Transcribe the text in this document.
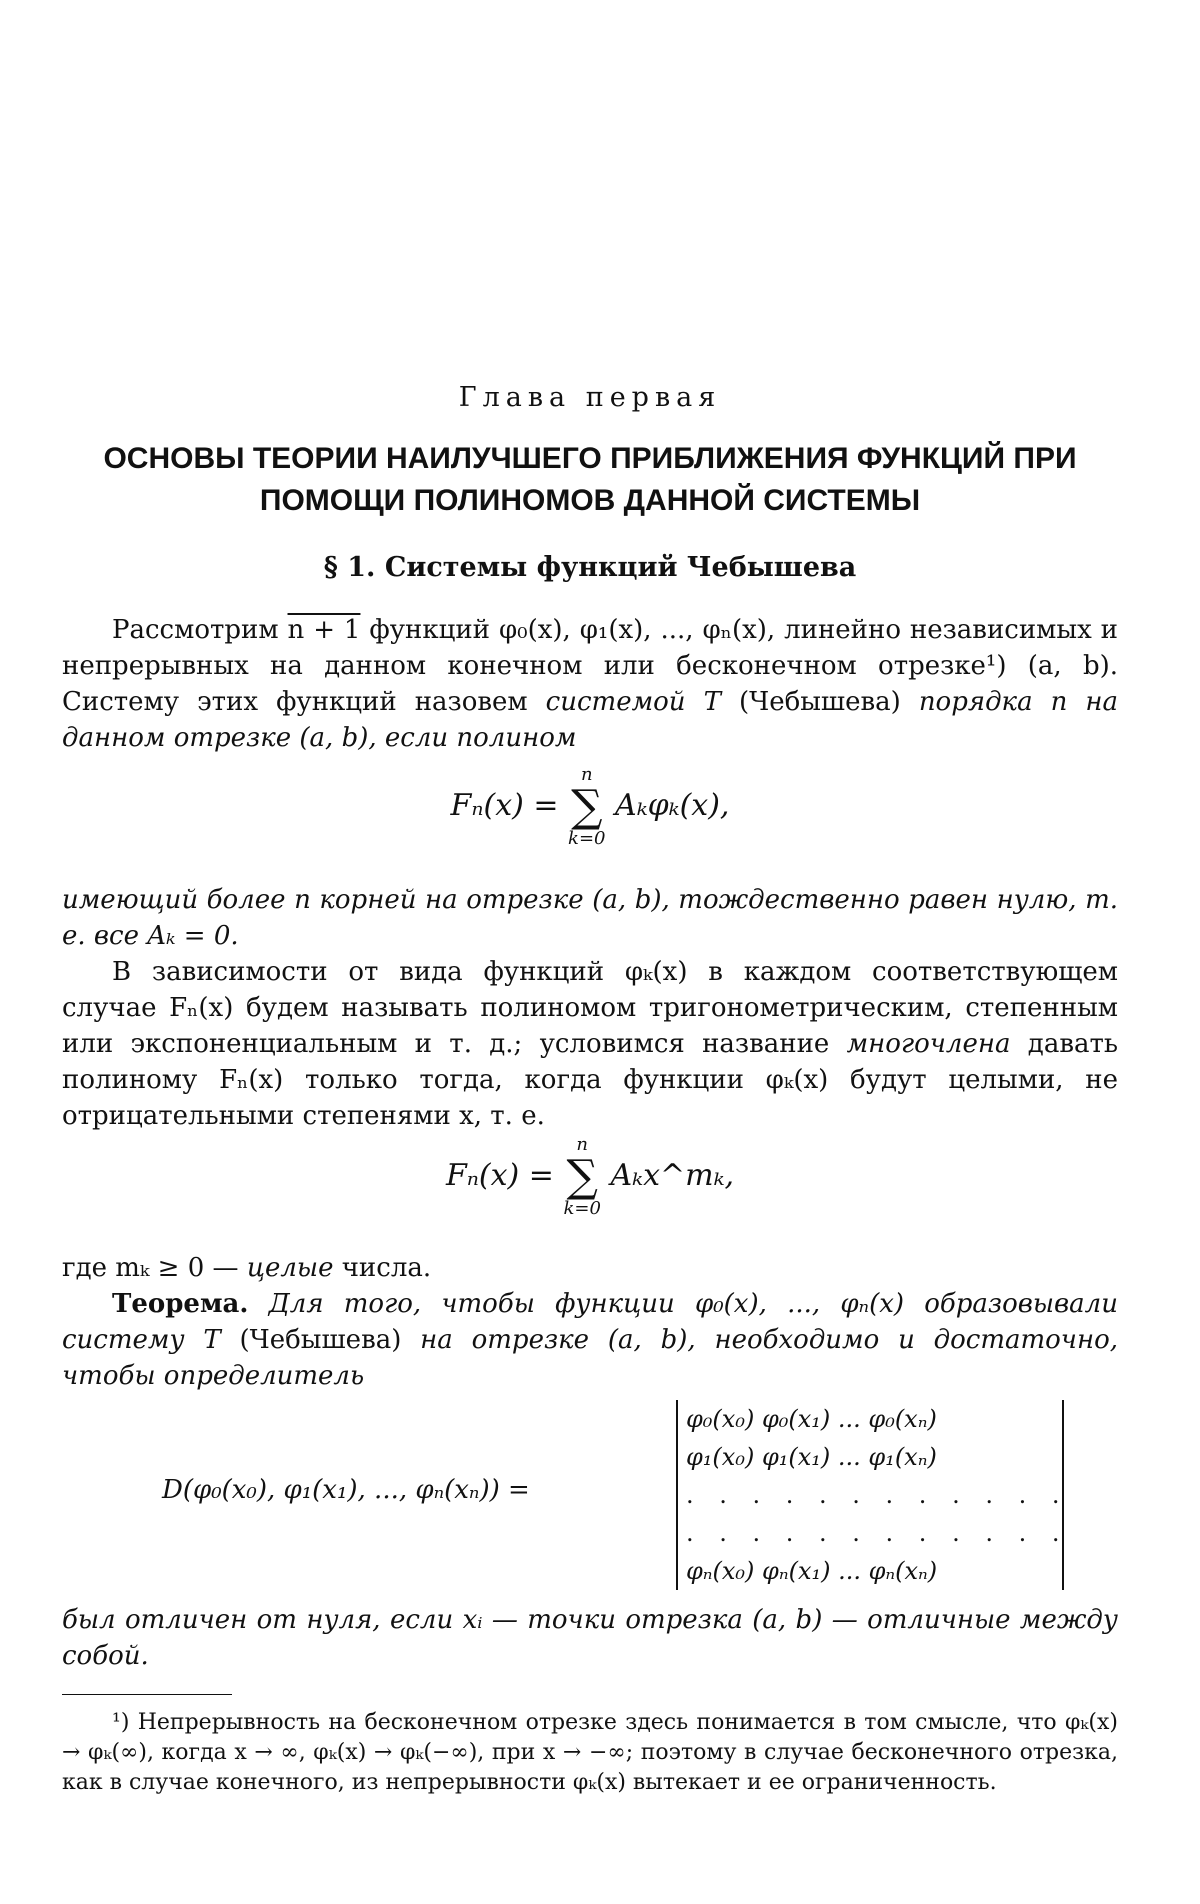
Глава первая
ОСНОВЫ ТЕОРИИ НАИЛУЧШЕГО ПРИБЛИЖЕНИЯ ФУНКЦИЙ ПРИ ПОМОЩИ ПОЛИНОМОВ ДАННОЙ СИСТЕМЫ
§ 1. Системы функций Чебышева
Рассмотрим n + 1 функций φ₀(x), φ₁(x), ..., φₙ(x), линейно независимых и непрерывных на данном конечном или бесконечном отрезке¹) (a, b). Систему этих функций назовем системой T (Чебышева) порядка n на данном отрезке (a, b), если полином
Fₙ(x) =
n
∑
k=0
Aₖφₖ(x),
имеющий более n корней на отрезке (a, b), тождественно равен нулю, т. е. все Aₖ = 0.
В зависимости от вида функций φₖ(x) в каждом соответствующем случае Fₙ(x) будем называть полиномом тригонометрическим, степенным или экспоненциальным и т. д.; условимся название многочлена давать полиному Fₙ(x) только тогда, когда функции φₖ(x) будут целыми, не отрицательными степенями x, т. е.
Fₙ(x) =
n
∑
k=0
Aₖx^mₖ,
где mₖ ≥ 0 — целые числа.
Теорема. Для того, чтобы функции φ₀(x), ..., φₙ(x) образовывали систему T (Чебышева) на отрезке (a, b), необходимо и достаточно, чтобы определитель
D(φ₀(x₀), φ₁(x₁), ..., φₙ(xₙ)) =
φ₀(x₀) φ₀(x₁) ... φ₀(xₙ)
φ₁(x₀) φ₁(x₁) ... φ₁(xₙ)
. . . . . . . . . . . .
. . . . . . . . . . . .
φₙ(x₀) φₙ(x₁) ... φₙ(xₙ)
был отличен от нуля, если xᵢ — точки отрезка (a, b) — отличные между собой.
¹) Непрерывность на бесконечном отрезке здесь понимается в том смысле, что φₖ(x) → φₖ(∞), когда x → ∞, φₖ(x) → φₖ(−∞), при x → −∞; поэтому в случае бесконечного отрезка, как в случае конечного, из непрерывности φₖ(x) вытекает и ее ограниченность.
